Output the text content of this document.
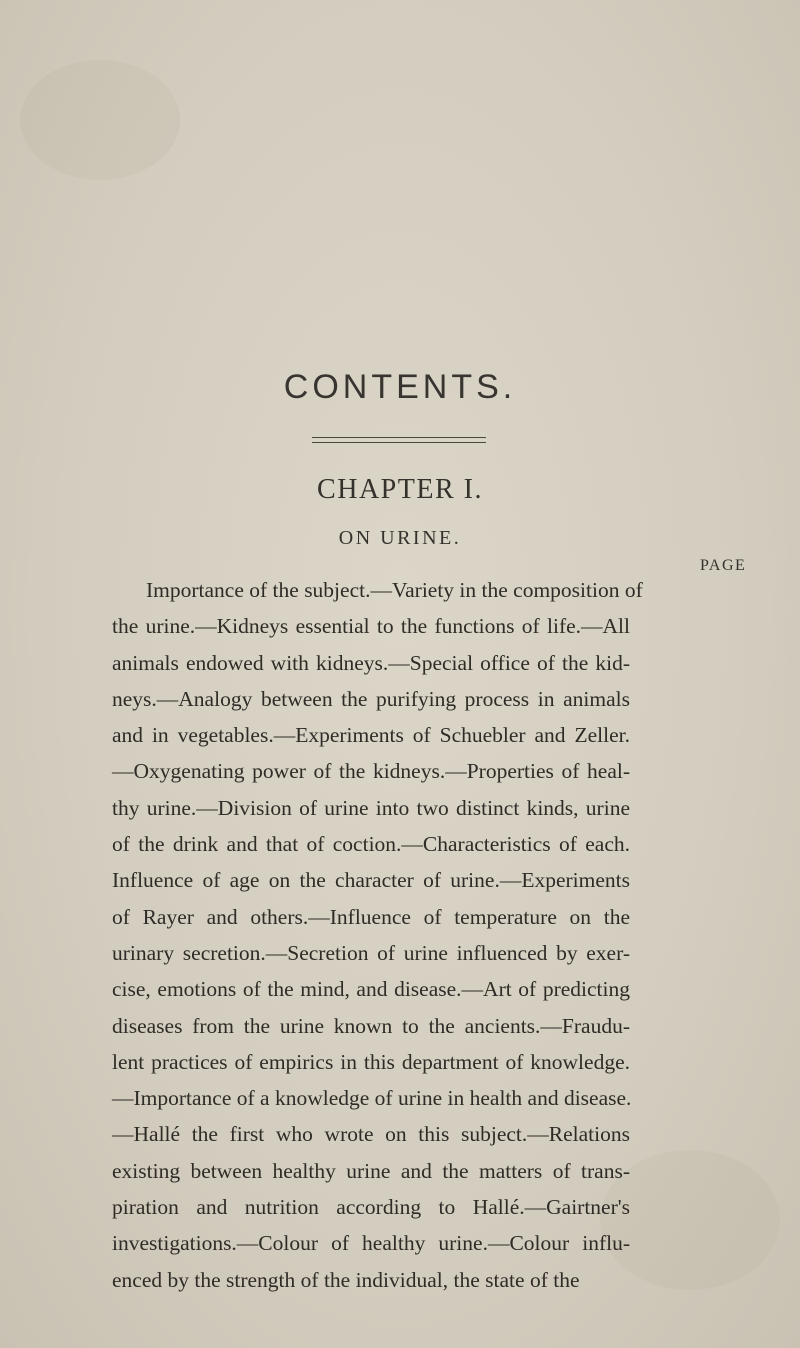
CONTENTS.
CHAPTER I.
ON URINE.
PAGE
Importance of the subject.—Variety in the composition of
the urine.—Kidneys essential to the functions of life.—All
animals endowed with kidneys.—Special office of the kid-
neys.—Analogy between the purifying process in animals
and in vegetables.—Experiments of Schuebler and Zeller.
—Oxygenating power of the kidneys.—Properties of heal-
thy urine.—Division of urine into two distinct kinds, urine
of the drink and that of coction.—Characteristics of each.
Influence of age on the character of urine.—Experiments
of Rayer and others.—Influence of temperature on the
urinary secretion.—Secretion of urine influenced by exer-
cise, emotions of the mind, and disease.—Art of predicting
diseases from the urine known to the ancients.—Fraudu-
lent practices of empirics in this department of knowledge.
—Importance of a knowledge of urine in health and disease.
—Hallé the first who wrote on this subject.—Relations
existing between healthy urine and the matters of trans-
piration and nutrition according to Hallé.—Gairtner's
investigations.—Colour of healthy urine.—Colour influ-
enced by the strength of the individual, the state of the
